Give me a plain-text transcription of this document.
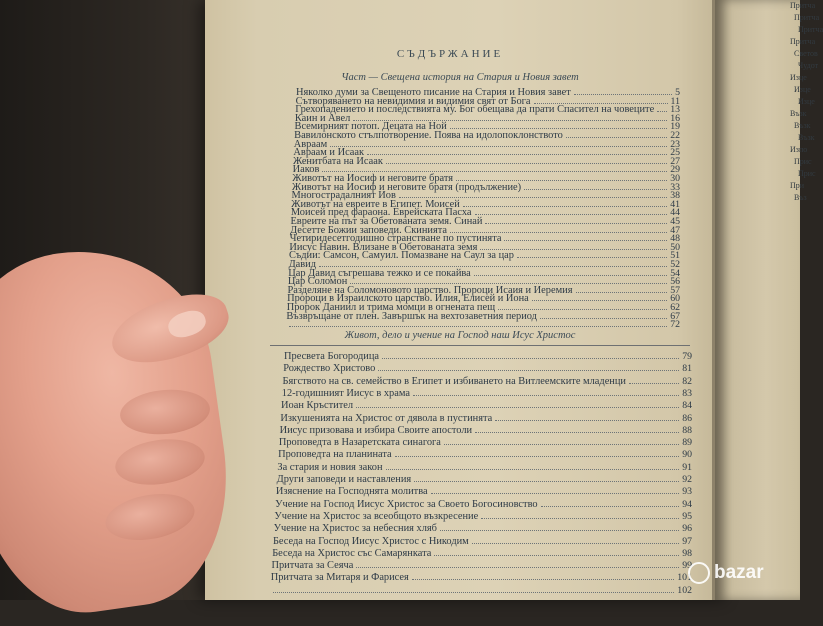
Притча
Притча
Притча
Притча
Светов
Чудот
Изце
Изце
Изце
Възк
Възк
Възк
Изпо
Прис
Прис
При
Въз
СЪДЪРЖАНИЕ
Част — Свещена история на Стария и Новия завет
Няколко думи за Свещеното писание на Стария и Новия завет	5
Сътворяването на невидимия и видимия свят от Бога	11
Грехопадението и последствията му. Бог обещава да прати Спасител на човеците 13
Каин и Авел	16
Всемирният потоп. Децата на Ной	19
Вавилонското стълпотворение. Поява на идолопоклонството	22
Авраам	23
Авраам и Исаак	25
Женитбата на Исаак	27
Иаков	29
Животът на Иосиф и неговите братя	30
Животът на Иосиф и неговите братя (продължение)	33
Многострадалният Иов	38
Животът на евреите в Египет. Моисей	41
Моисей пред фараона. Еврейската Пасха	44
Евреите на път за Обетованата земя. Синай	45
Десетте Божии заповеди. Скинията	47
Четиридесетгодишно странстване по пустинята	48
Иисус Навин. Влизане в Обетованата земя	50
Съдии: Самсон, Самуил. Помазване на Саул за цар	51
Давид	52
Цар Давид съгрешава тежко и се покайва	54
Цар Соломон	56
Разделяне на Соломоновото царство. Пророци Исаия и Иеремия	57
Пророци в Израилското царство. Илия, Елисей и Иона	60
Пророк Даниил и трима момци в огнената пещ	62
Възвръщане от плен. Завършък на вехтозаветния период	67
72
Пресвета Богородица	79
Рождество Христово	81
Бягството на св. семейство в Египет и избиването на Витлеемските младенци	82
12-годишният Иисус в храма	83
Иоан Кръстител	84
Изкушенията на Христос от дявола в пустинята	86
Иисус призовава и избира Своите апостоли	88
Проповедта в Назаретската синагога	89
Проповедта на планината	90
За стария и новия закон	91
Други заповеди и наставления	92
Изяснение на Господнята молитва	93
Учение на Господ Иисус Христос за Своето Богосиновство	94
Учение на Христос за всеобщото възкресение	95
Учение на Христос за небесния хляб	96
Беседа на Господ Иисус Христос с Никодим	97
Беседа на Христос със Самарянката	98
Притчата за Сеяча	99
Притчата за Митаря и Фарисея	101
102
Живот, дело и учение на Господ наш Исус Христос
bazar
